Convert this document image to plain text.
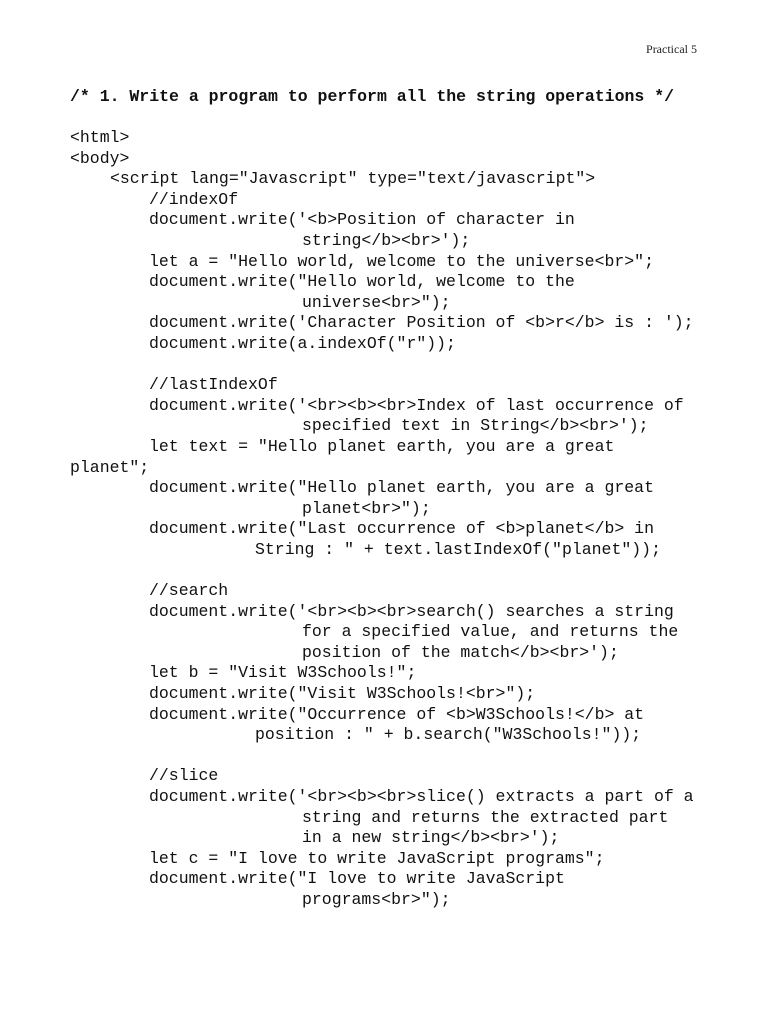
Practical 5
/* 1. Write a program to perform all the string operations */
<html>
<body>
<script lang="Javascript" type="text/javascript">
//indexOf
document.write('<b>Position of character in
string</b><br>');
let a = "Hello world, welcome to the universe<br>";
document.write("Hello world, welcome to the
universe<br>");
document.write('Character Position of <b>r</b> is : ');
document.write(a.indexOf("r"));
//lastIndexOf
document.write('<br><b><br>Index of last occurrence of
specified text in String</b><br>');
let text = "Hello planet earth, you are a great
planet";
document.write("Hello planet earth, you are a great
planet<br>");
document.write("Last occurrence of <b>planet</b> in
String : " + text.lastIndexOf("planet"));
//search
document.write('<br><b><br>search() searches a string
for a specified value, and returns the
position of the match</b><br>');
let b = "Visit W3Schools!";
document.write("Visit W3Schools!<br>");
document.write("Occurrence of <b>W3Schools!</b> at
position : " + b.search("W3Schools!"));
//slice
document.write('<br><b><br>slice() extracts a part of a
string and returns the extracted part
in a new string</b><br>');
let c = "I love to write JavaScript programs";
document.write("I love to write JavaScript
programs<br>");
